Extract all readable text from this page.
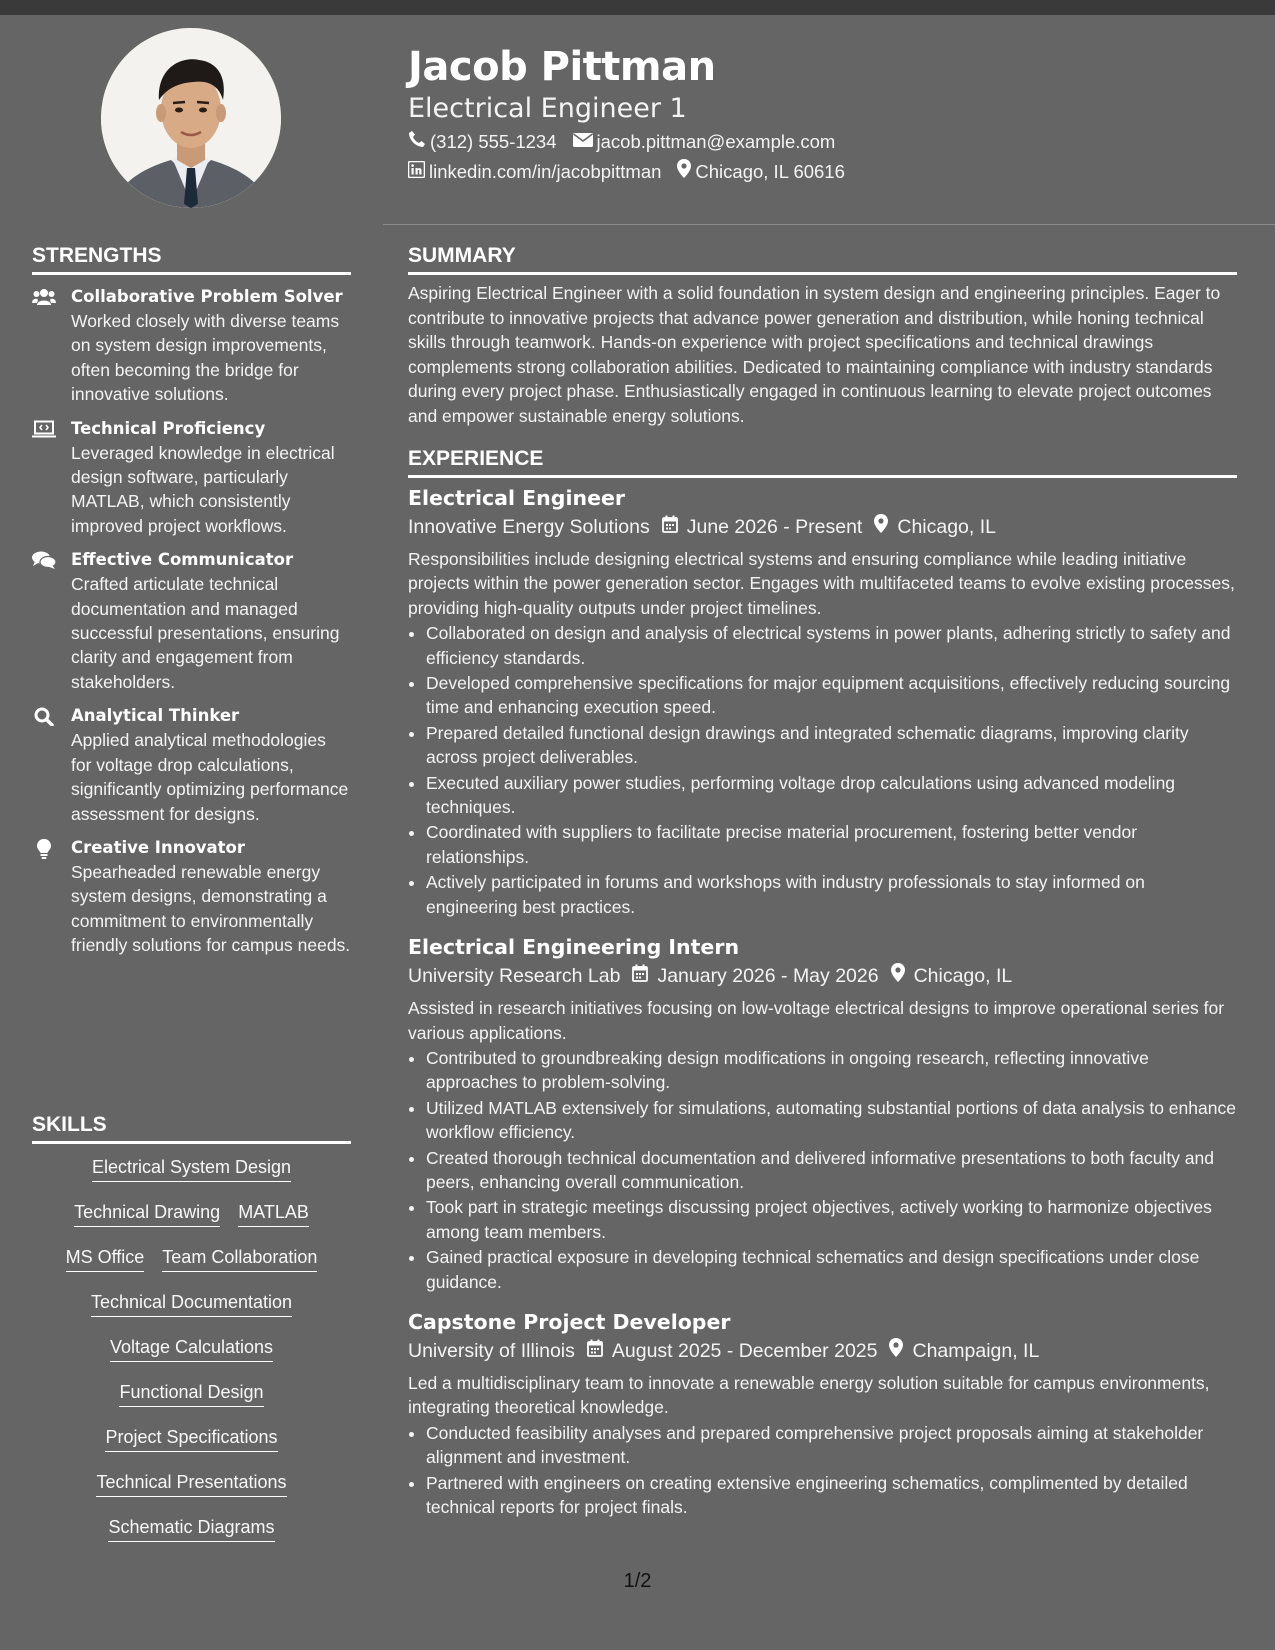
STRENGTHS
Collaborative Problem Solver
Worked closely with diverse teams on system design improvements, often becoming the bridge for innovative solutions.
Technical Proficiency
Leveraged knowledge in electrical design software, particularly MATLAB, which consistently improved project workflows.
Effective Communicator
Crafted articulate technical documentation and managed successful presentations, ensuring clarity and engagement from stakeholders.
Analytical Thinker
Applied analytical methodologies for voltage drop calculations, significantly optimizing performance assessment for designs.
Creative Innovator
Spearheaded renewable energy system designs, demonstrating a commitment to environmentally friendly solutions for campus needs.
SKILLS
Electrical System Design
Technical Drawing MATLAB
MS Office Team Collaboration
Technical Documentation
Voltage Calculations
Functional Design
Project Specifications
Technical Presentations
Schematic Diagrams
Jacob Pittman
Electrical Engineer 1
(312) 555-1234 jacob.pittman@example.com
linkedin.com/in/jacobpittman Chicago, IL 60616
SUMMARY
Aspiring Electrical Engineer with a solid foundation in system design and engineering principles. Eager to contribute to innovative projects that advance power generation and distribution, while honing technical skills through teamwork. Hands-on experience with project specifications and technical drawings complements strong collaboration abilities. Dedicated to maintaining compliance with industry standards during every project phase. Enthusiastically engaged in continuous learning to elevate project outcomes and empower sustainable energy solutions.
EXPERIENCE
Electrical Engineer
Innovative Energy Solutions June 2026 - Present Chicago, IL
Responsibilities include designing electrical systems and ensuring compliance while leading initiative projects within the power generation sector. Engages with multifaceted teams to evolve existing processes, providing high-quality outputs under project timelines.
• Collaborated on design and analysis of electrical systems in power plants, adhering strictly to safety and efficiency standards.
• Developed comprehensive specifications for major equipment acquisitions, effectively reducing sourcing time and enhancing execution speed.
• Prepared detailed functional design drawings and integrated schematic diagrams, improving clarity across project deliverables.
• Executed auxiliary power studies, performing voltage drop calculations using advanced modeling techniques.
• Coordinated with suppliers to facilitate precise material procurement, fostering better vendor relationships.
• Actively participated in forums and workshops with industry professionals to stay informed on engineering best practices.
Electrical Engineering Intern
University Research Lab January 2026 - May 2026 Chicago, IL
Assisted in research initiatives focusing on low-voltage electrical designs to improve operational series for various applications.
• Contributed to groundbreaking design modifications in ongoing research, reflecting innovative approaches to problem-solving.
• Utilized MATLAB extensively for simulations, automating substantial portions of data analysis to enhance workflow efficiency.
• Created thorough technical documentation and delivered informative presentations to both faculty and peers, enhancing overall communication.
• Took part in strategic meetings discussing project objectives, actively working to harmonize objectives among team members.
• Gained practical exposure in developing technical schematics and design specifications under close guidance.
Capstone Project Developer
University of Illinois August 2025 - December 2025 Champaign, IL
Led a multidisciplinary team to innovate a renewable energy solution suitable for campus environments, integrating theoretical knowledge.
• Conducted feasibility analyses and prepared comprehensive project proposals aiming at stakeholder alignment and investment.
• Partnered with engineers on creating extensive engineering schematics, complimented by detailed technical reports for project finals.
1/2
